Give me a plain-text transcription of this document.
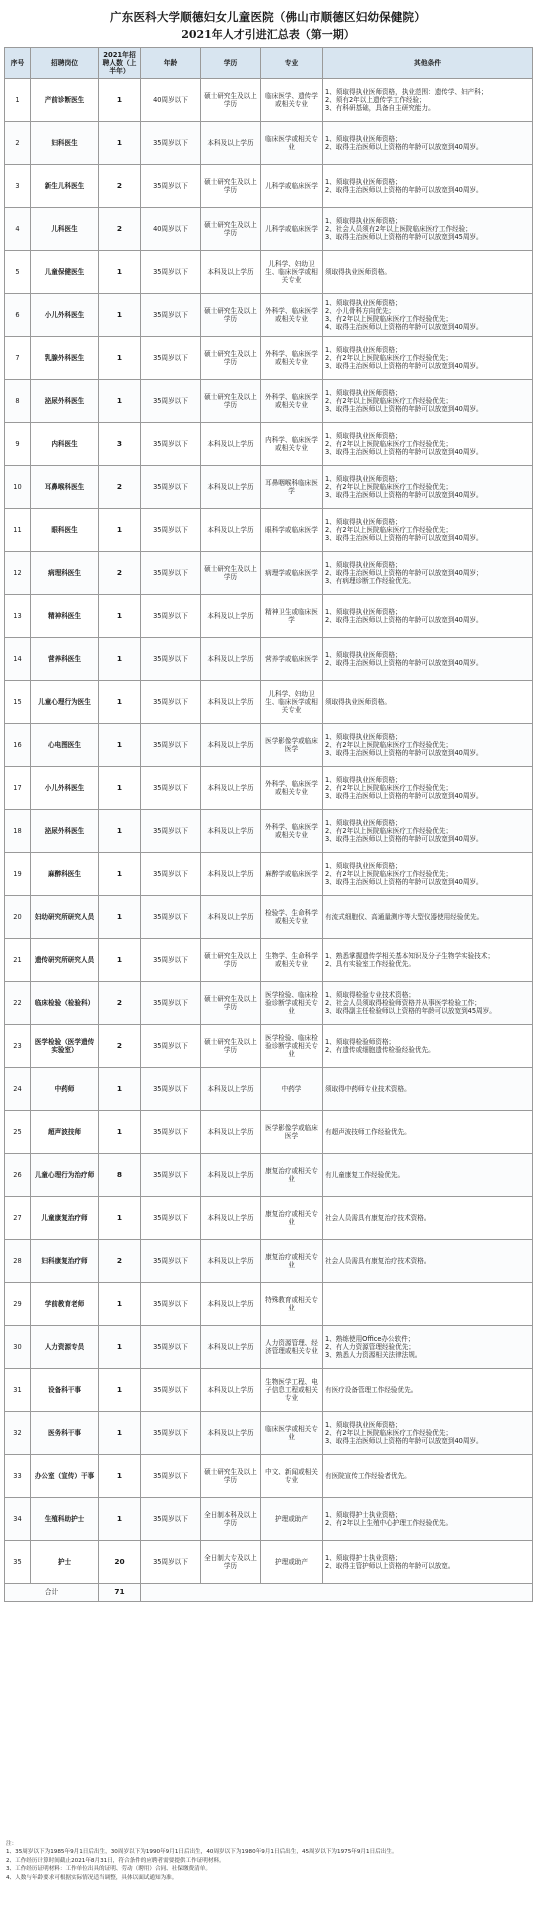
广东医科大学顺德妇女儿童医院（佛山市顺德区妇幼保健院）
2021年人才引进汇总表（第一期）
序号	招聘岗位	2021年招聘人数（上半年）	年龄	学历	专业	其他条件
1	产前诊断医生	1	40周岁以下	硕士研究生及以上学历	临床医学、遗传学或相关专业	1、须取得执业医师资格，执业范围：遗传学、妇产科；
2、须有2年以上遗传学工作经验；
3、有科研基础，具备自主研究能力。

2	妇科医生	1	35周岁以下	本科及以上学历	临床医学或相关专业	1、须取得执业医师资格；
2、取得主治医师以上资格的年龄可以放宽到40周岁。

3	新生儿科医生	2	35周岁以下	硕士研究生及以上学历	儿科学或临床医学	1、须取得执业医师资格；
2、取得主治医师以上资格的年龄可以放宽到40周岁。

4	儿科医生	2	40周岁以下	硕士研究生及以上学历	儿科学或临床医学	1、须取得执业医师资格；
2、社会人员须有2年以上医院临床医疗工作经验；
3、取得主治医师以上资格的年龄可以放宽到45周岁。

5	儿童保健医生	1	35周岁以下	本科及以上学历	儿科学、妇幼卫生、临床医学或相关专业	须取得执业医师资格。

6	小儿外科医生	1	35周岁以下	硕士研究生及以上学历	外科学、临床医学或相关专业	1、须取得执业医师资格；
2、小儿骨科方向优先；
3、有2年以上医院临床医疗工作经验优先；
4、取得主治医师以上资格的年龄可以放宽到40周岁。

7	乳腺外科医生	1	35周岁以下	硕士研究生及以上学历	外科学、临床医学或相关专业	1、须取得执业医师资格；
2、有2年以上医院临床医疗工作经验优先；
3、取得主治医师以上资格的年龄可以放宽到40周岁。

8	泌尿外科医生	1	35周岁以下	硕士研究生及以上学历	外科学、临床医学或相关专业	1、须取得执业医师资格；
2、有2年以上医院临床医疗工作经验优先；
3、取得主治医师以上资格的年龄可以放宽到40周岁。

9	内科医生	3	35周岁以下	本科及以上学历	内科学、临床医学或相关专业	1、须取得执业医师资格；
2、有2年以上医院临床医疗工作经验优先；
3、取得主治医师以上资格的年龄可以放宽到40周岁。

10	耳鼻喉科医生	2	35周岁以下	本科及以上学历	耳鼻咽喉科临床医学	1、须取得执业医师资格；
2、有2年以上医院临床医疗工作经验优先；
3、取得主治医师以上资格的年龄可以放宽到40周岁。

11	眼科医生	1	35周岁以下	本科及以上学历	眼科学或临床医学	1、须取得执业医师资格；
2、有2年以上医院临床医疗工作经验优先；
3、取得主治医师以上资格的年龄可以放宽到40周岁。

12	病理科医生	2	35周岁以下	硕士研究生及以上学历	病理学或临床医学	1、须取得执业医师资格；
2、取得主治医师以上资格的年龄可以放宽到40周岁；
3、有病理诊断工作经验优先。

13	精神科医生	1	35周岁以下	本科及以上学历	精神卫生或临床医学	1、须取得执业医师资格；
2、取得主治医师以上资格的年龄可以放宽到40周岁。

14	营养科医生	1	35周岁以下	本科及以上学历	营养学或临床医学	1、须取得执业医师资格；
2、取得主治医师以上资格的年龄可以放宽到40周岁。

15	儿童心理行为医生	1	35周岁以下	本科及以上学历	儿科学、妇幼卫生、临床医学或相关专业	须取得执业医师资格。

16	心电图医生	1	35周岁以下	本科及以上学历	医学影像学或临床医学	1、须取得执业医师资格；
2、有2年以上医院临床医疗工作经验优先；
3、取得主治医师以上资格的年龄可以放宽到40周岁。

17	小儿外科医生	1	35周岁以下	本科及以上学历	外科学、临床医学或相关专业	1、须取得执业医师资格；
2、有2年以上医院临床医疗工作经验优先；
3、取得主治医师以上资格的年龄可以放宽到40周岁。

18	泌尿外科医生	1	35周岁以下	本科及以上学历	外科学、临床医学或相关专业	1、须取得执业医师资格；
2、有2年以上医院临床医疗工作经验优先；
3、取得主治医师以上资格的年龄可以放宽到40周岁。

19	麻醉科医生	1	35周岁以下	本科及以上学历	麻醉学或临床医学	1、须取得执业医师资格；
2、有2年以上医院临床医疗工作经验优先；
3、取得主治医师以上资格的年龄可以放宽到40周岁。

20	妇幼研究所研究人员	1	35周岁以下	本科及以上学历	检验学、生命科学或相关专业	有流式细胞仪、高通量测序等大型仪器使用经验优先。

21	遗传研究所研究人员	1	35周岁以下	硕士研究生及以上学历	生物学、生命科学或相关专业	1、熟悉掌握遗传学相关基本知识及分子生物学实验技术；
2、具有实验室工作经验优先。

22	临床检验（检验科）	2	35周岁以下	硕士研究生及以上学历	医学检验、临床检验诊断学或相关专业	1、须取得检验专业技术资格；
2、社会人员须取得检验师资格并从事医学检验工作；
3、取得副主任检验师以上资格的年龄可以放宽到45周岁。

23	医学检验（医学遗传实验室）	2	35周岁以下	硕士研究生及以上学历	医学检验、临床检验诊断学或相关专业	1、须取得检验师资格；
2、有遗传或细胞遗传检验经验优先。

24	中药师	1	35周岁以下	本科及以上学历	中药学	须取得中药师专业技术资格。

25	超声波技师	1	35周岁以下	本科及以上学历	医学影像学或临床医学	有超声波技师工作经验优先。

26	儿童心理行为治疗师	8	35周岁以下	本科及以上学历	康复治疗或相关专业	有儿童康复工作经验优先。

27	儿童康复治疗师	1	35周岁以下	本科及以上学历	康复治疗或相关专业	社会人员需具有康复治疗技术资格。

28	妇科康复治疗师	2	35周岁以下	本科及以上学历	康复治疗或相关专业	社会人员需具有康复治疗技术资格。

29	学前教育老师	1	35周岁以下	本科及以上学历	特殊教育或相关专业	

30	人力资源专员	1	35周岁以下	本科及以上学历	人力资源管理、经济管理或相关专业	1、熟练使用Office办公软件；
2、有人力资源管理经验优先；
3、熟悉人力资源相关法律法规。

31	设备科干事	1	35周岁以下	本科及以上学历	生物医学工程、电子信息工程或相关专业	有医疗设备管理工作经验优先。

32	医务科干事	1	35周岁以下	本科及以上学历	临床医学或相关专业	1、须取得执业医师资格；
2、有2年以上医院临床医疗工作经验优先；
3、取得主治医师以上资格的年龄可以放宽到40周岁。

33	办公室（宣传）干事	1	35周岁以下	硕士研究生及以上学历	中文、新闻或相关专业	有医院宣传工作经验者优先。

34	生殖科助护士	1	35周岁以下	全日制本科及以上学历	护理或助产	1、须取得护士执业资格；
2、有2年以上生殖中心护理工作经验优先。

35	护士	20	35周岁以下	全日制大专及以上学历	护理或助产	1、须取得护士执业资格；
2、取得主管护师以上资格的年龄可以放宽。

合计		71				
注：
1、35周岁以下为1985年9月1日后出生，30周岁以下为1990年9月1日后出生，40周岁以下为1980年9月1日后出生，45周岁以下为1975年9月1日后出生。
2、工作经历计算时间截止2021年8月31日，符合条件的应聘者需要提供工作证明材料。
3、工作经历证明材料：工作单位出具的证明、劳动（聘用）合同、社保缴费清单。
4、人数与年龄要求可根据实际情况适当调整，具体以面试通知为准。
